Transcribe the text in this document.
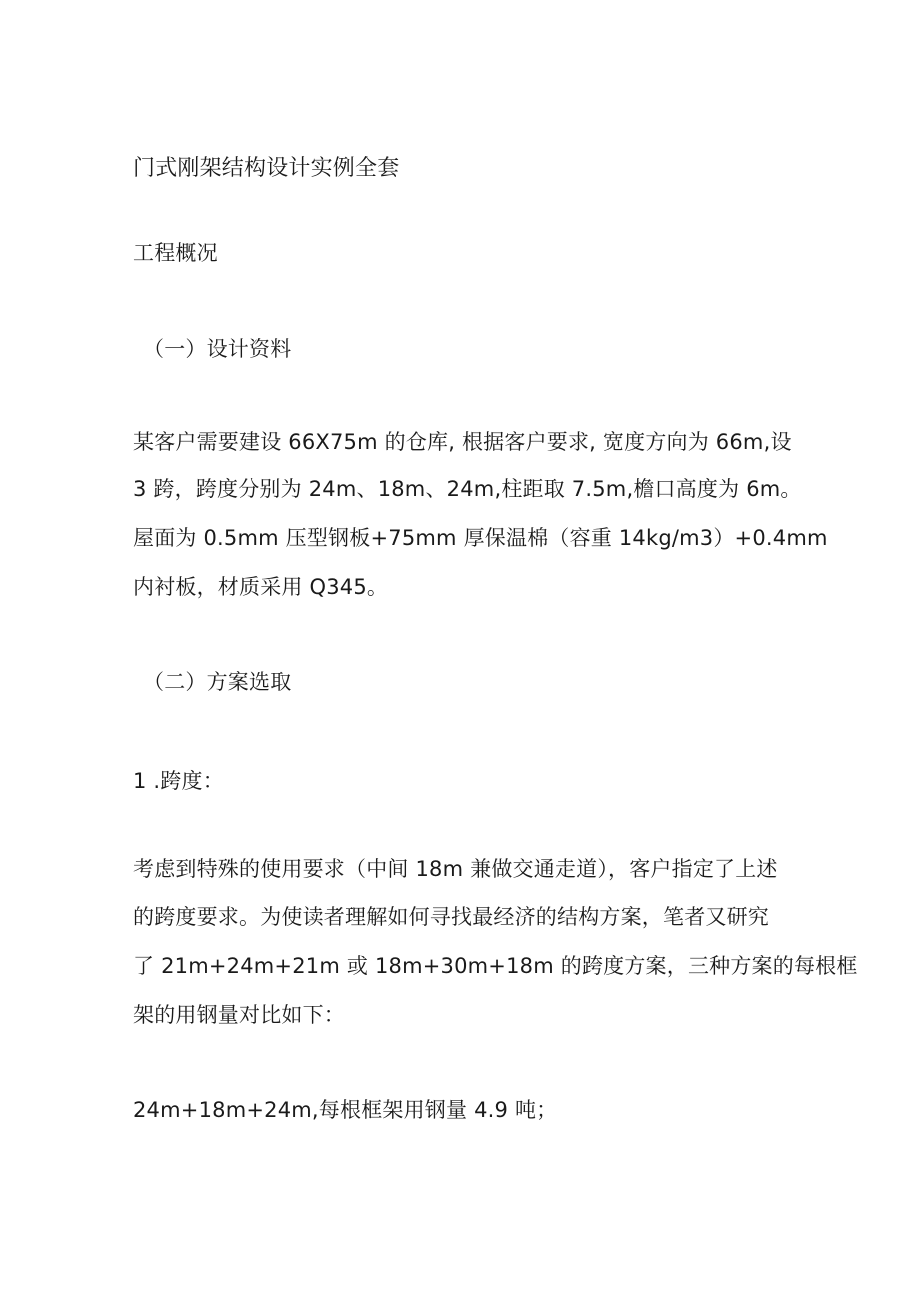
门式刚架结构设计实例全套

工程概况

（一）设计资料

某客户需要建设 66X75m 的仓库, 根据客户要求, 宽度方向为 66m,设

3 跨，跨度分别为 24m、18m、24m,柱距取 7.5m,檐口高度为 6m。

屋面为 0.5mm 压型钢板+75mm 厚保温棉（容重 14kg/m3）+0.4mm

内衬板，材质采用 Q345。

（二）方案选取

1 .跨度：

考虑到特殊的使用要求（中间 18m 兼做交通走道），客户指定了上述

的跨度要求。为使读者理解如何寻找最经济的结构方案，笔者又研究

了 21m+24m+21m 或 18m+30m+18m 的跨度方案，三种方案的每根框

架的用钢量对比如下：

24m+18m+24m,每根框架用钢量 4.9 吨；
